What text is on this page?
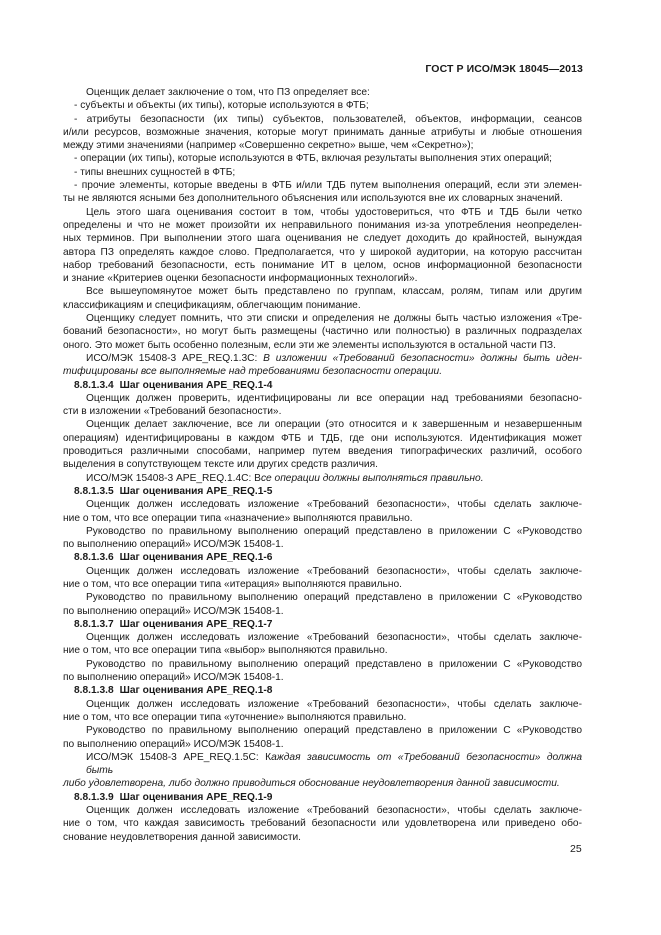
ГОСТ Р ИСО/МЭК 18045—2013
Оценщик делает заключение о том, что ПЗ определяет все:
- субъекты и объекты (их типы), которые используются в ФТБ;
- атрибуты безопасности (их типы) субъектов, пользователей, объектов, информации, сеансов
и/или ресурсов, возможные значения, которые могут принимать данные атрибуты и любые отношения
между этими значениями (например «Совершенно секретно» выше, чем «Секретно»);
- операции (их типы), которые используются в ФТБ, включая результаты выполнения этих операций;
- типы внешних сущностей в ФТБ;
- прочие элементы, которые введены в ФТБ и/или ТДБ путем выполнения операций, если эти элемен-
ты не являются ясными без дополнительного объяснения или используются вне их словарных значений.
Цель этого шага оценивания состоит в том, чтобы удостовериться, что ФТБ и ТДБ были четко
определены и что не может произойти их неправильного понимания из-за употребления неопределен-
ных терминов. При выполнении этого шага оценивания не следует доходить до крайностей, вынуждая
автора ПЗ определять каждое слово. Предполагается, что у широкой аудитории, на которую рассчитан
набор требований безопасности, есть понимание ИТ в целом, основ информационной безопасности
и знание «Критериев оценки безопасности информационных технологий».
Все вышеупомянутое может быть представлено по группам, классам, ролям, типам или другим
классификациям и спецификациям, облегчающим понимание.
Оценщику следует помнить, что эти списки и определения не должны быть частью изложения «Тре-
бований безопасности», но могут быть размещены (частично или полностью) в различных подразделах
оного. Это может быть особенно полезным, если эти же элементы используются в остальной части ПЗ.
ИСО/МЭК 15408-3 APE_REQ.1.3C: В изложении «Требований безопасности» должны быть иден-
тифицированы все выполняемые над требованиями безопасности операции.
8.8.1.3.4 Шаг оценивания APE_REQ.1-4
Оценщик должен проверить, идентифицированы ли все операции над требованиями безопасно-
сти в изложении «Требований безопасности».
Оценщик делает заключение, все ли операции (это относится и к завершенным и незавершенным
операциям) идентифицированы в каждом ФТБ и ТДБ, где они используются. Идентификация может
проводиться различными способами, например путем введения типографических различий, особого
выделения в сопутствующем тексте или других средств различия.
ИСО/МЭК 15408-3 APE_REQ.1.4C: Все операции должны выполняться правильно.
8.8.1.3.5 Шаг оценивания APE_REQ.1-5
Оценщик должен исследовать изложение «Требований безопасности», чтобы сделать заключе-
ние о том, что все операции типа «назначение» выполняются правильно.
Руководство по правильному выполнению операций представлено в приложении С «Руководство
по выполнению операций» ИСО/МЭК 15408-1.
8.8.1.3.6 Шаг оценивания APE_REQ.1-6
Оценщик должен исследовать изложение «Требований безопасности», чтобы сделать заключе-
ние о том, что все операции типа «итерация» выполняются правильно.
Руководство по правильному выполнению операций представлено в приложении С «Руководство
по выполнению операций» ИСО/МЭК 15408-1.
8.8.1.3.7 Шаг оценивания APE_REQ.1-7
Оценщик должен исследовать изложение «Требований безопасности», чтобы сделать заключе-
ние о том, что все операции типа «выбор» выполняются правильно.
Руководство по правильному выполнению операций представлено в приложении С «Руководство
по выполнению операций» ИСО/МЭК 15408-1.
8.8.1.3.8 Шаг оценивания APE_REQ.1-8
Оценщик должен исследовать изложение «Требований безопасности», чтобы сделать заключе-
ние о том, что все операции типа «уточнение» выполняются правильно.
Руководство по правильному выполнению операций представлено в приложении С «Руководство
по выполнению операций» ИСО/МЭК 15408-1.
ИСО/МЭК 15408-3 APE_REQ.1.5C: Каждая зависимость от «Требований безопасности» должна быть
либо удовлетворена, либо должно приводиться обоснование неудовлетворения данной зависимости.
8.8.1.3.9 Шаг оценивания APE_REQ.1-9
Оценщик должен исследовать изложение «Требований безопасности», чтобы сделать заключе-
ние о том, что каждая зависимость требований безопасности или удовлетворена или приведено обо-
снование неудовлетворения данной зависимости.
25
